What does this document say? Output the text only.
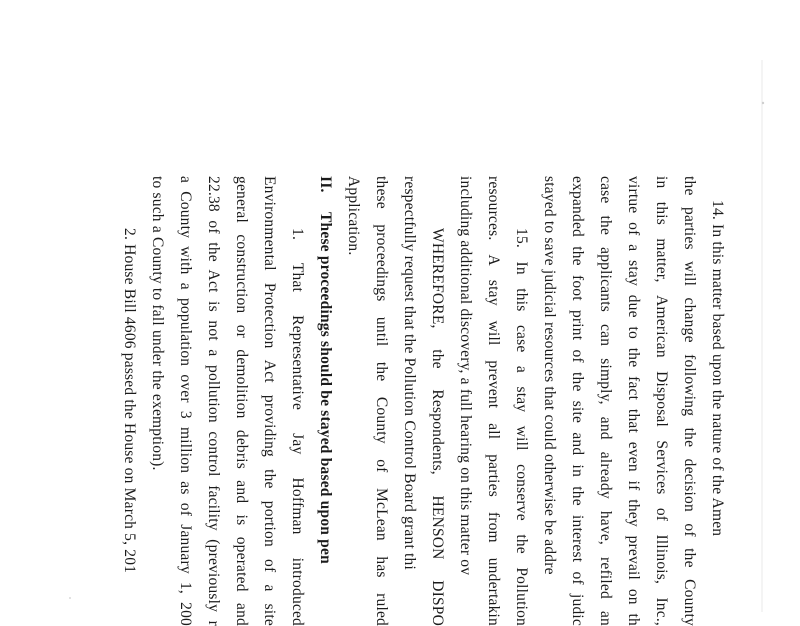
14. In this matter based upon the nature of the Amen
the parties will change following the decision of the County
in this matter, American Disposal Services of Illinois, Inc.,
virtue of a stay due to the fact that even if they prevail on th
case the applicants can simply, and already have, refiled an
expanded the foot print of the site and in the interest of judic
stayed to save judicial resources that could otherwise be addre
15. In this case a stay will conserve the Pollution
resources. A stay will prevent all parties from undertakin
including additional discovery, a full hearing on this matter ov
WHEREFORE, the Respondents, HENSON DISPO
respectfully request that the Pollution Control Board grant thi
these proceedings until the County of McLean has ruled
Application.
II.These proceedings should be stayed based upon pen
1. That Representative Jay Hoffman introduced
Environmental Protection Act providing the portion of a site
general construction or demolition debris and is operated and
22.38 of the Act is not a pollution control facility (previously r
a County with a population over 3 million as of January 1, 200
to such a County to fall under the exemption).
2. House Bill 4606 passed the House on March 5, 201
